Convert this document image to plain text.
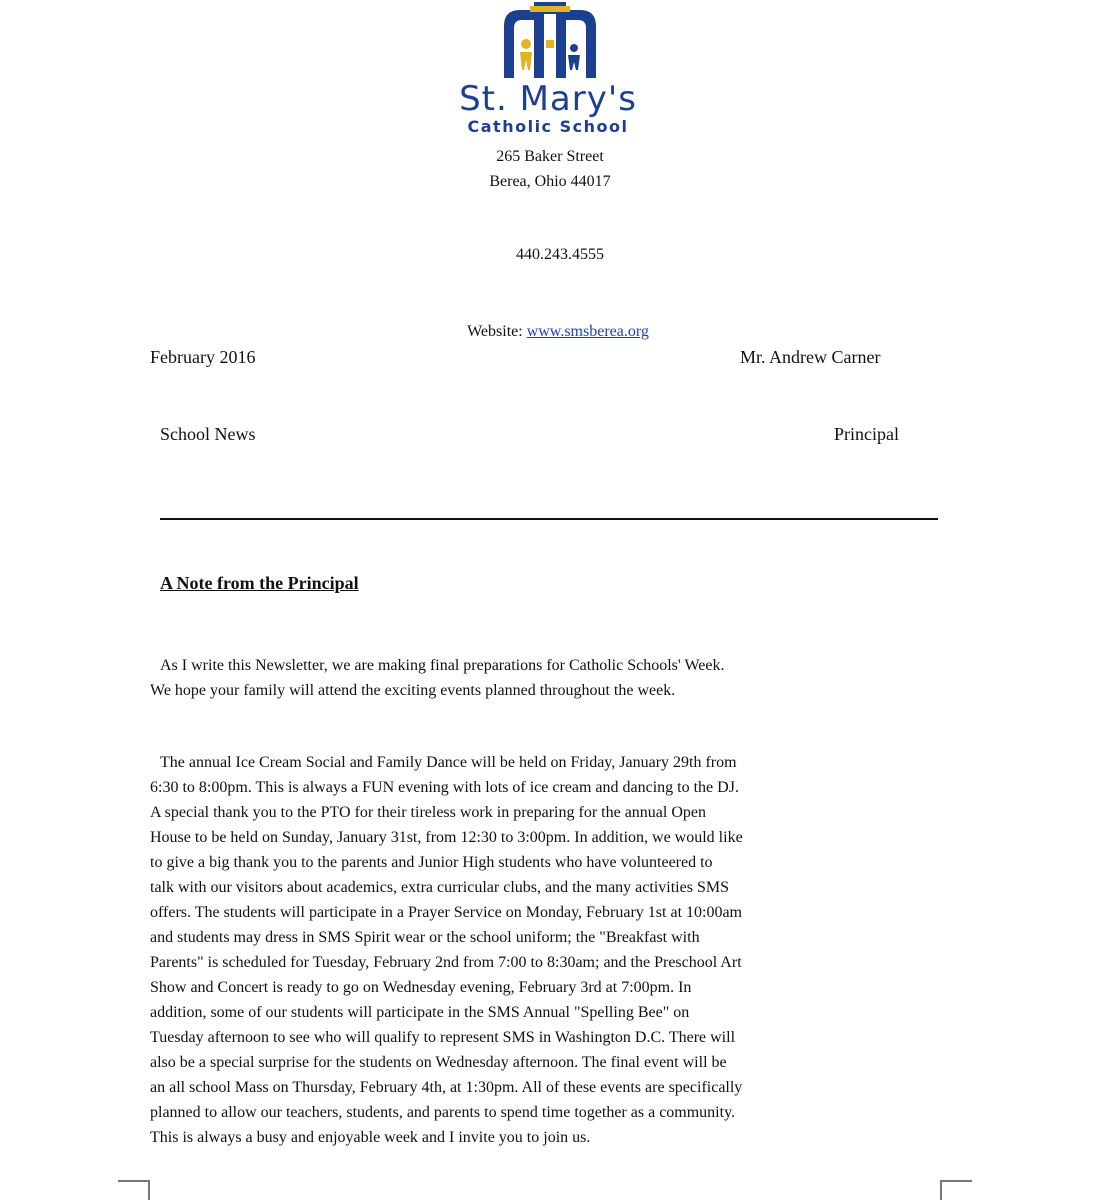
St. Mary's
Catholic School
265 Baker Street
Berea, Ohio 44017
440.243.4555
Website: www.smsberea.org
February 2016	Mr. Andrew Carner
School News	Principal
A Note from the Principal
As I write this Newsletter, we are making final preparations for Catholic Schools' Week.
We hope your family will attend the exciting events planned throughout the week.
The annual Ice Cream Social and Family Dance will be held on Friday, January 29th from
6:30 to 8:00pm. This is always a FUN evening with lots of ice cream and dancing to the DJ.
A special thank you to the PTO for their tireless work in preparing for the annual Open
House to be held on Sunday, January 31st, from 12:30 to 3:00pm. In addition, we would like
to give a big thank you to the parents and Junior High students who have volunteered to
talk with our visitors about academics, extra curricular clubs, and the many activities SMS
offers. The students will participate in a Prayer Service on Monday, February 1st at 10:00am
and students may dress in SMS Spirit wear or the school uniform; the "Breakfast with
Parents" is scheduled for Tuesday, February 2nd from 7:00 to 8:30am; and the Preschool Art
Show and Concert is ready to go on Wednesday evening, February 3rd at 7:00pm. In
addition, some of our students will participate in the SMS Annual "Spelling Bee" on
Tuesday afternoon to see who will qualify to represent SMS in Washington D.C. There will
also be a special surprise for the students on Wednesday afternoon. The final event will be
an all school Mass on Thursday, February 4th, at 1:30pm. All of these events are specifically
planned to allow our teachers, students, and parents to spend time together as a community.
This is always a busy and enjoyable week and I invite you to join us.
